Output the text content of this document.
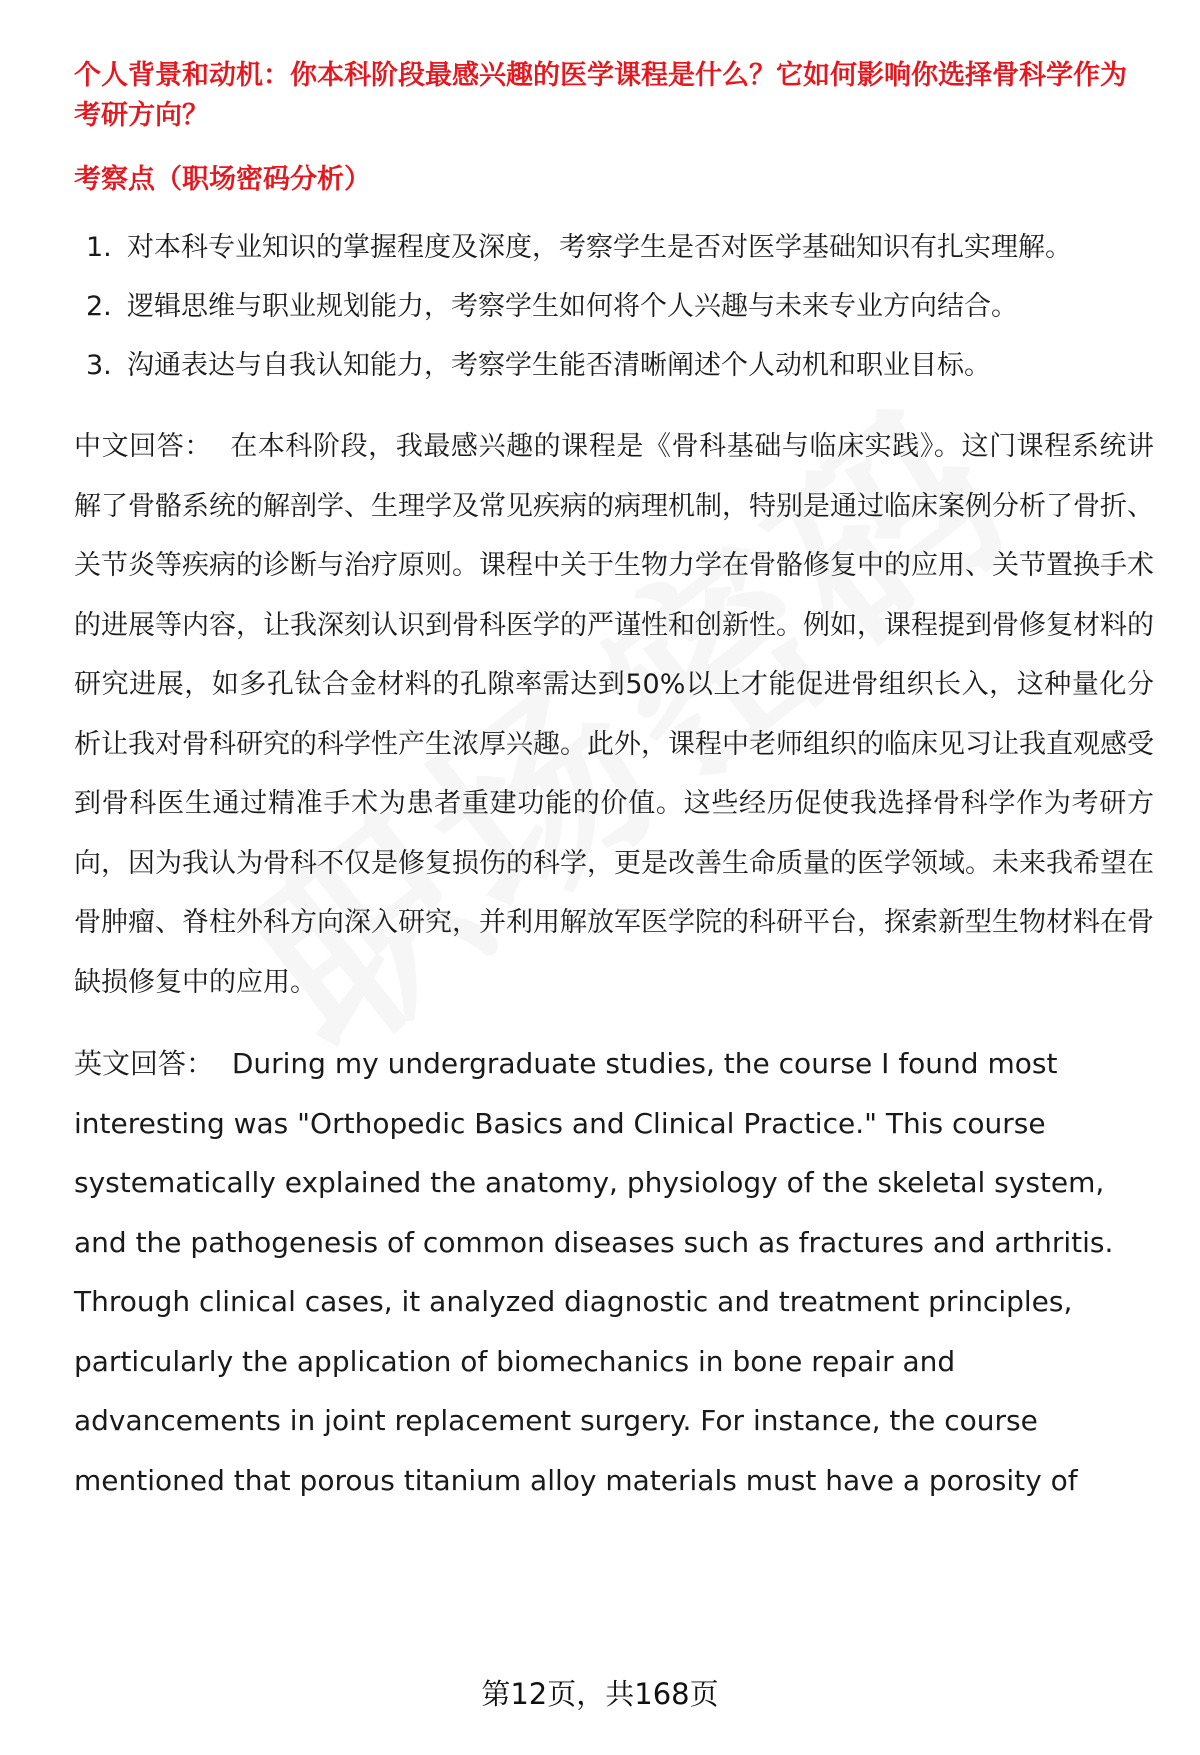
个人背景和动机：你本科阶段最感兴趣的医学课程是什么？它如何影响你选择骨科学作为考研方向？
考察点（职场密码分析）
1. 对本科专业知识的掌握程度及深度，考察学生是否对医学基础知识有扎实理解。
2. 逻辑思维与职业规划能力，考察学生如何将个人兴趣与未来专业方向结合。
3. 沟通表达与自我认知能力，考察学生能否清晰阐述个人动机和职业目标。

中文回答： 在本科阶段，我最感兴趣的课程是《骨科基础与临床实践》。这门课程系统讲解了骨骼系统的解剖学、生理学及常见疾病的病理机制，特别是通过临床案例分析了骨折、关节炎等疾病的诊断与治疗原则。课程中关于生物力学在骨骼修复中的应用、关节置换手术的进展等内容，让我深刻认识到骨科医学的严谨性和创新性。例如，课程提到骨修复材料的研究进展，如多孔钛合金材料的孔隙率需达到50%以上才能促进骨组织长入，这种量化分析让我对骨科研究的科学性产生浓厚兴趣。此外，课程中老师组织的临床见习让我直观感受到骨科医生通过精准手术为患者重建功能的价值。这些经历促使我选择骨科学作为考研方向，因为我认为骨科不仅是修复损伤的科学，更是改善生命质量的医学领域。未来我希望在骨肿瘤、脊柱外科方向深入研究，并利用解放军医学院的科研平台，探索新型生物材料在骨缺损修复中的应用。

英文回答： During my undergraduate studies, the course I found most interesting was "Orthopedic Basics and Clinical Practice." This course systematically explained the anatomy, physiology of the skeletal system, and the pathogenesis of common diseases such as fractures and arthritis. Through clinical cases, it analyzed diagnostic and treatment principles, particularly the application of biomechanics in bone repair and advancements in joint replacement surgery. For instance, the course mentioned that porous titanium alloy materials must have a porosity of

第12页，共168页
